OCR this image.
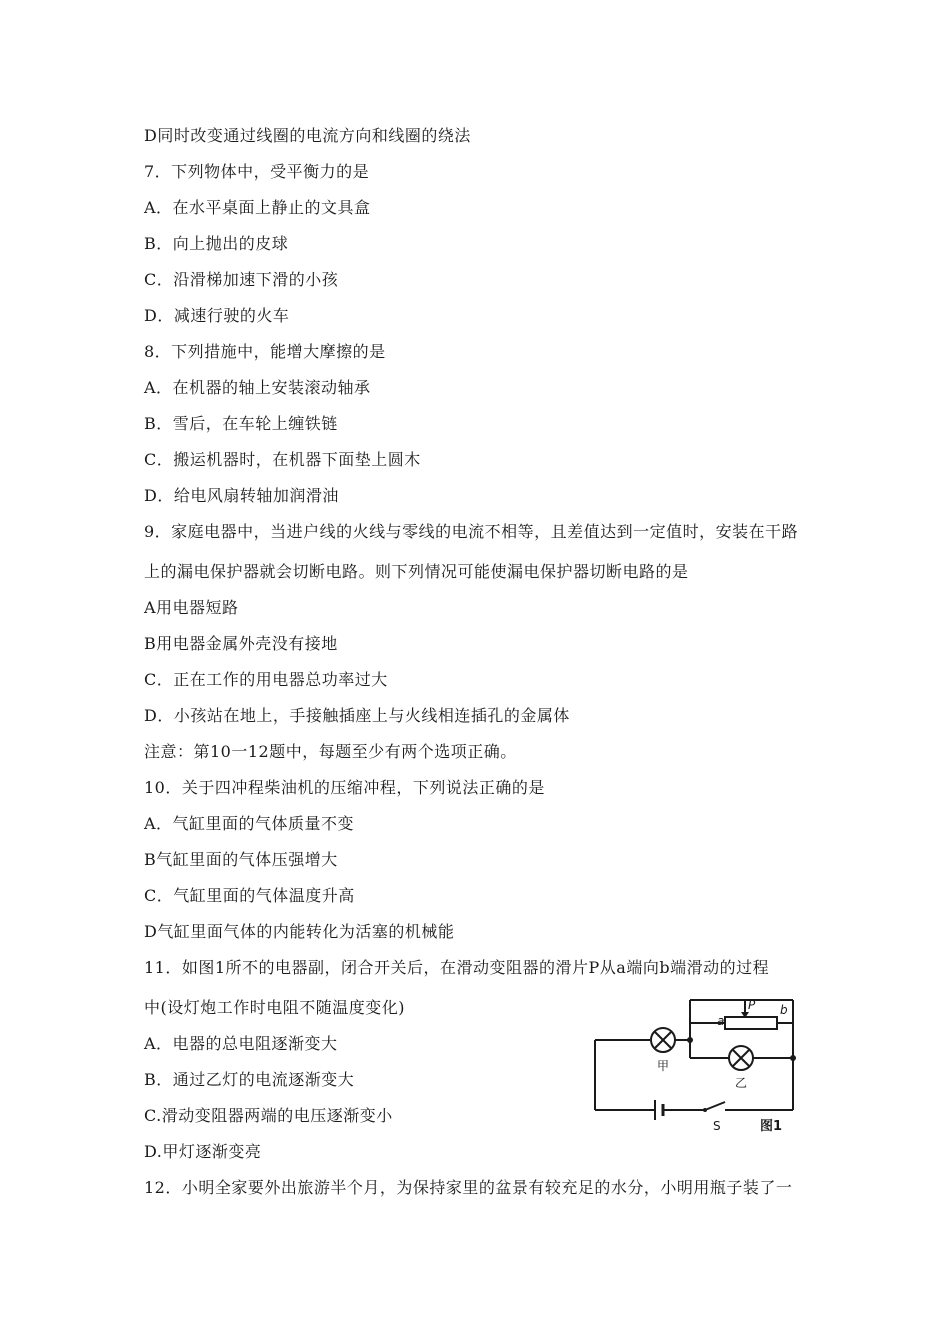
D同时改变通过线圈的电流方向和线圈的绕法
7．下列物体中，受平衡力的是
A．在水平桌面上静止的文具盒
B．向上抛出的皮球
C．沿滑梯加速下滑的小孩
D．减速行驶的火车
8．下列措施中，能增大摩擦的是
A．在机器的轴上安装滚动轴承
B．雪后，在车轮上缠铁链
C．搬运机器时，在机器下面垫上圆木
D．给电风扇转轴加润滑油
9．家庭电器中，当进户线的火线与零线的电流不相等，且差值达到一定值时，安装在干路
上的漏电保护器就会切断电路。则下列情况可能使漏电保护器切断电路的是
A用电器短路
B用电器金属外壳没有接地
C．正在工作的用电器总功率过大
D．小孩站在地上，手接触插座上与火线相连插孔的金属体
注意：第10一12题中，每题至少有两个选项正确。
10．关于四冲程柴油机的压缩冲程，下列说法正确的是
A．气缸里面的气体质量不变
B气缸里面的气体压强增大
C．气缸里面的气体温度升高
D气缸里面气体的内能转化为活塞的机械能
11．如图1所不的电器副，闭合开关后，在滑动变阻器的滑片P从a端向b端滑动的过程
中(设灯炮工作时电阻不随温度变化)
A．电器的总电阻逐渐变大
B．通过乙灯的电流逐渐变大
C.滑动变阻器两端的电压逐渐变小
D.甲灯逐渐变亮
12．小明全家要外出旅游半个月，为保持家里的盆景有较充足的水分，小明用瓶子装了一
甲
乙
P
a
b
S	图1
